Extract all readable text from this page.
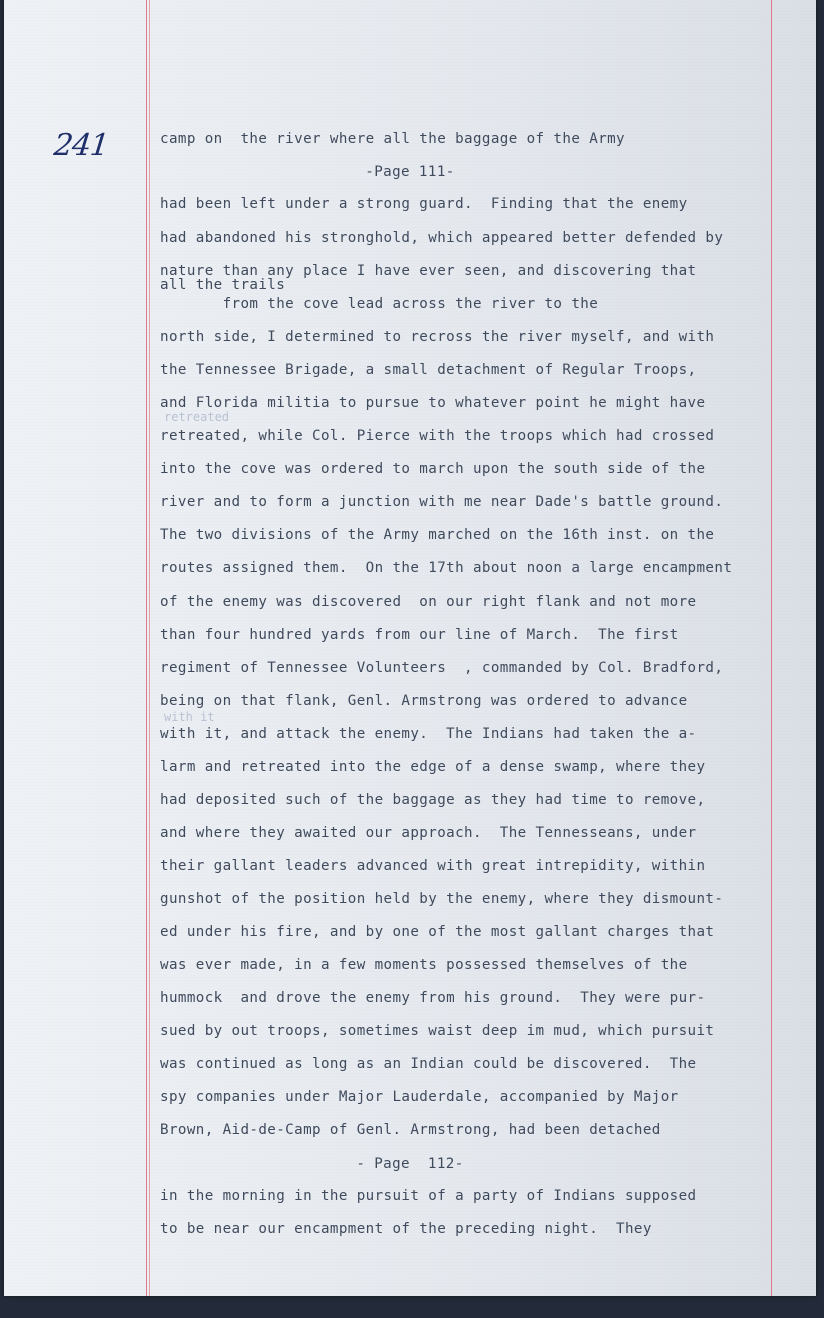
241
retreated
with it
camp on  the river where all the baggage of the Army
-Page 111-
had been left under a strong guard.  Finding that the enemy
had abandoned his stronghold, which appeared better defended by
nature than any place I have ever seen, and discovering that
all the trails
from the cove lead across the river to the
north side, I determined to recross the river myself, and with
the Tennessee Brigade, a small detachment of Regular Troops,
and Florida militia to pursue to whatever point he might have
retreated, while Col. Pierce with the troops which had crossed
into the cove was ordered to march upon the south side of the
river and to form a junction with me near Dade's battle ground.
The two divisions of the Army marched on the 16th inst. on the
routes assigned them.  On the 17th about noon a large encampment
of the enemy was discovered  on our right flank and not more
than four hundred yards from our line of March.  The first
regiment of Tennessee Volunteers  , commanded by Col. Bradford,
being on that flank, Genl. Armstrong was ordered to advance
with it, and attack the enemy.  The Indians had taken the a-
larm and retreated into the edge of a dense swamp, where they
had deposited such of the baggage as they had time to remove,
and where they awaited our approach.  The Tennesseans, under
their gallant leaders advanced with great intrepidity, within
gunshot of the position held by the enemy, where they dismount-
ed under his fire, and by one of the most gallant charges that
was ever made, in a few moments possessed themselves of the
hummock  and drove the enemy from his ground.  They were pur-
sued by out troops, sometimes waist deep im mud, which pursuit
was continued as long as an Indian could be discovered.  The
spy companies under Major Lauderdale, accompanied by Major
Brown, Aid-de-Camp of Genl. Armstrong, had been detached
- Page  112-
in the morning in the pursuit of a party of Indians supposed
to be near our encampment of the preceding night.  They
